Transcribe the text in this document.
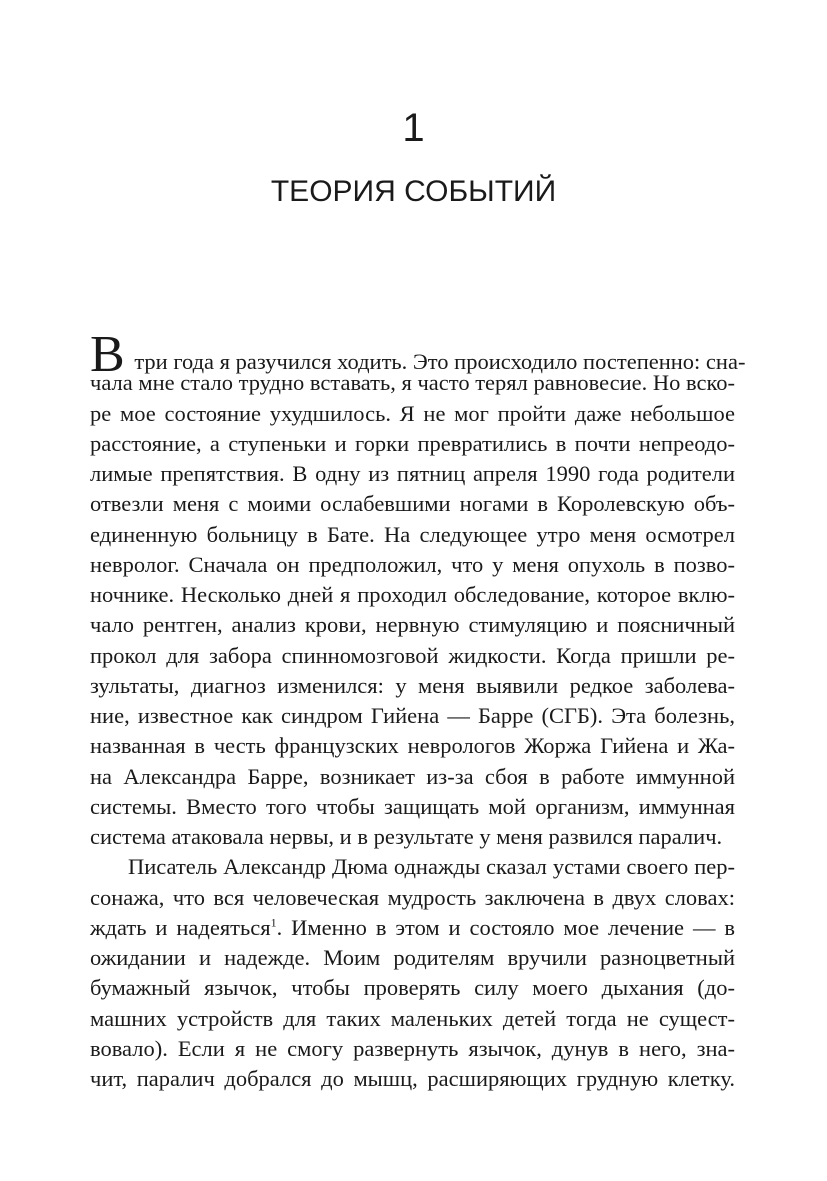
1
ТЕОРИЯ СОБЫТИЙ
В три года я разучился ходить. Это происходило постепенно: сна-
чала мне стало трудно вставать, я часто терял равновесие. Но вско-
ре мое состояние ухудшилось. Я не мог пройти даже небольшое
расстояние, а ступеньки и горки превратились в почти непреодо-
лимые препятствия. В одну из пятниц апреля 1990 года родители
отвезли меня с моими ослабевшими ногами в Королевскую объ-
единенную больницу в Бате. На следующее утро меня осмотрел
невролог. Сначала он предположил, что у меня опухоль в позво-
ночнике. Несколько дней я проходил обследование, которое вклю-
чало рентген, анализ крови, нервную стимуляцию и поясничный
прокол для забора спинномозговой жидкости. Когда пришли ре-
зультаты, диагноз изменился: у меня выявили редкое заболева-
ние, известное как синдром Гийена — Барре (СГБ). Эта болезнь,
названная в честь французских неврологов Жоржа Гийена и Жа-
на Александра Барре, возникает из-за сбоя в работе иммунной
системы. Вместо того чтобы защищать мой организм, иммунная
система атаковала нервы, и в результате у меня развился паралич.
Писатель Александр Дюма однажды сказал устами своего пер-
сонажа, что вся человеческая мудрость заключена в двух словах:
ждать и надеяться$^1$. Именно в этом и состояло мое лечение — в
ожидании и надежде. Моим родителям вручили разноцветный
бумажный язычок, чтобы проверять силу моего дыхания (до-
машних устройств для таких маленьких детей тогда не сущест-
вовало). Если я не смогу развернуть язычок, дунув в него, зна-
чит, паралич добрался до мышц, расширяющих грудную клетку.
